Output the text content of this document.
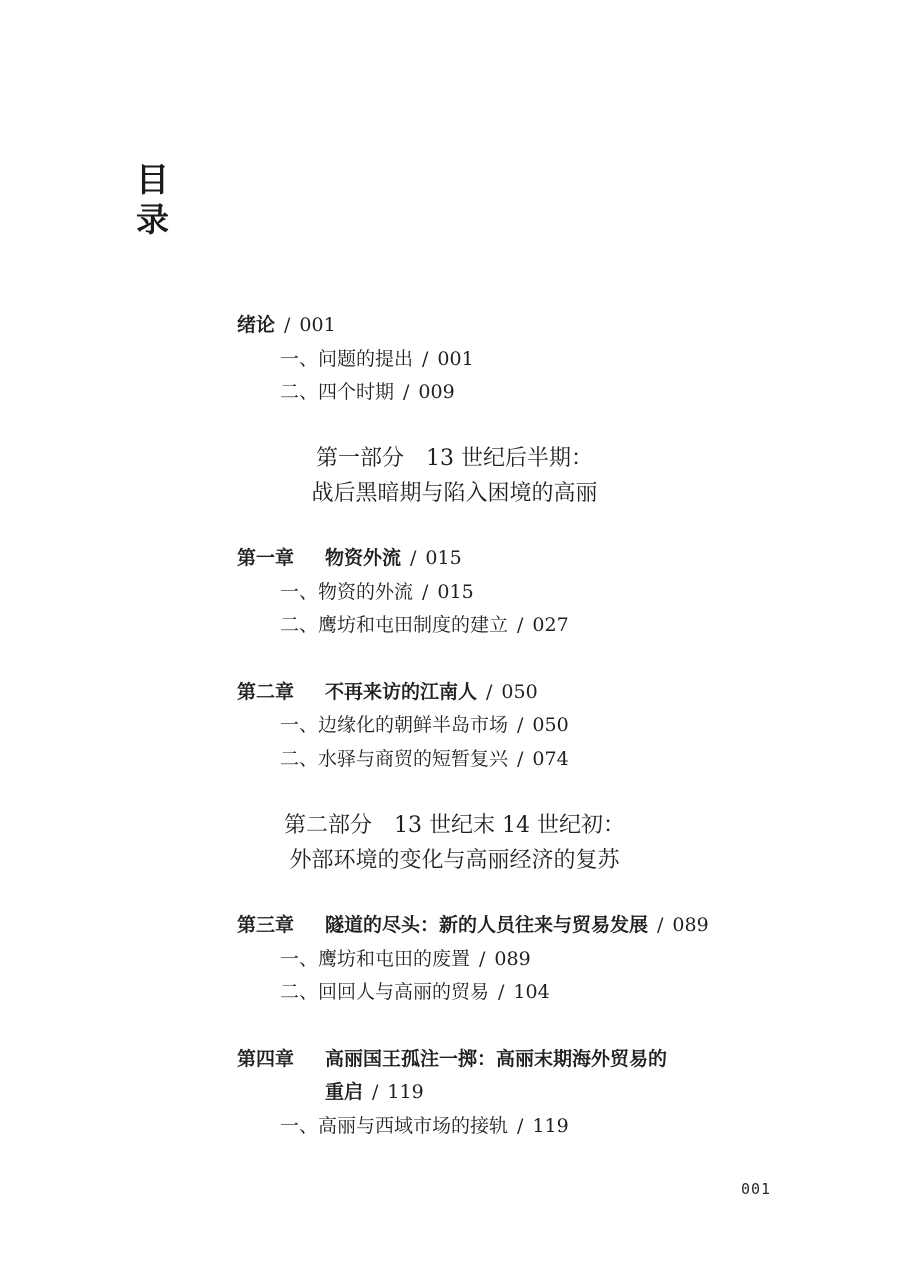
目
录
绪论 / 001
一、问题的提出 / 001
二、四个时期 / 009
第一部分 13 世纪后半期：
战后黑暗期与陷入困境的高丽
第一章 物资外流 / 015
一、物资的外流 / 015
二、鹰坊和屯田制度的建立 / 027
第二章 不再来访的江南人 / 050
一、边缘化的朝鲜半岛市场 / 050
二、水驿与商贸的短暂复兴 / 074
第二部分 13 世纪末 14 世纪初：
外部环境的变化与高丽经济的复苏
第三章 隧道的尽头：新的人员往来与贸易发展 / 089
一、鹰坊和屯田的废置 / 089
二、回回人与高丽的贸易 / 104
第四章 高丽国王孤注一掷：高丽末期海外贸易的
重启 / 119
一、高丽与西域市场的接轨 / 119
001
